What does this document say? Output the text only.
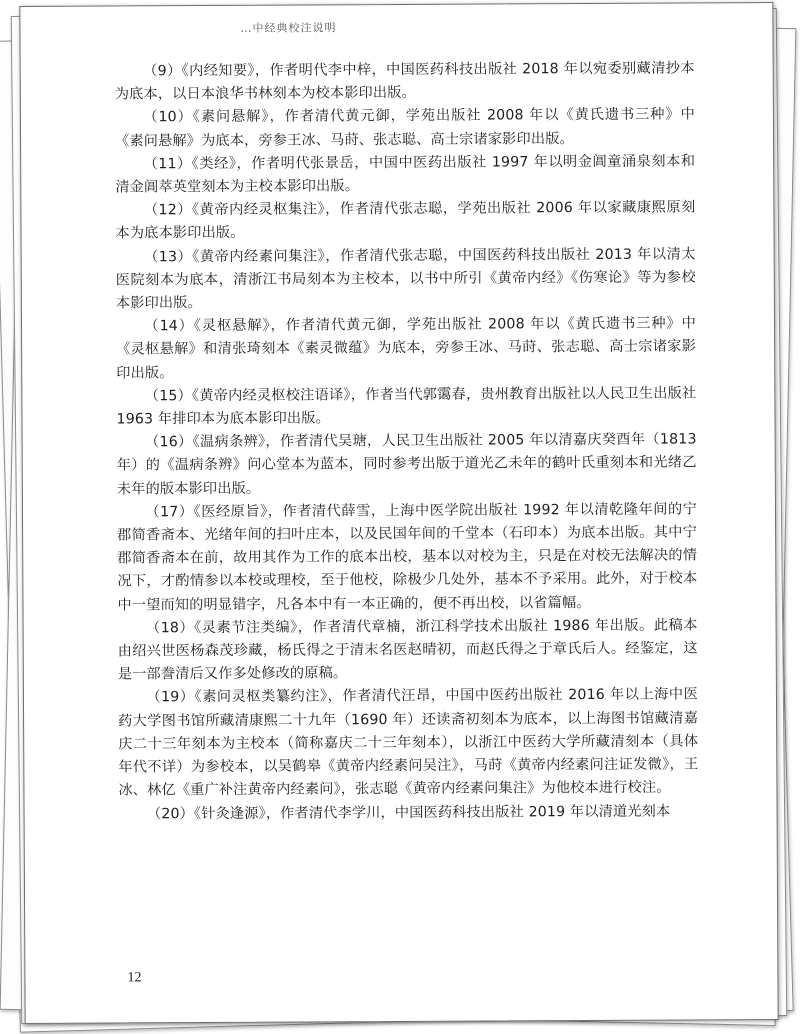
…中经典校注说明

（9）《内经知要》，作者明代李中梓，中国医药科技出版社 2018 年以宛委别藏清抄本为底本，以日本浪华书林刻本为校本影印出版。

（10）《素问悬解》，作者清代黄元御，学苑出版社 2008 年以《黄氏遗书三种》中《素问悬解》为底本，旁参王冰、马莳、张志聪、高士宗诸家影印出版。

（11）《类经》，作者明代张景岳，中国中医药出版社 1997 年以明金阊童涌泉刻本和清金阊萃英堂刻本为主校本影印出版。

（12）《黄帝内经灵枢集注》，作者清代张志聪，学苑出版社 2006 年以家藏康熙原刻本为底本影印出版。

（13）《黄帝内经素问集注》，作者清代张志聪，中国医药科技出版社 2013 年以清太医院刻本为底本，清浙江书局刻本为主校本，以书中所引《黄帝内经》《伤寒论》等为参校本影印出版。

（14）《灵枢悬解》，作者清代黄元御，学苑出版社 2008 年以《黄氏遗书三种》中《灵枢悬解》和清张琦刻本《素灵微蕴》为底本，旁参王冰、马莳、张志聪、高士宗诸家影印出版。

（15）《黄帝内经灵枢校注语译》，作者当代郭霭春，贵州教育出版社以人民卫生出版社 1963 年排印本为底本影印出版。

（16）《温病条辨》，作者清代吴瑭，人民卫生出版社 2005 年以清嘉庆癸酉年（1813 年）的《温病条辨》问心堂本为蓝本，同时参考出版于道光乙未年的鹤叶氏重刻本和光绪乙未年的版本影印出版。

（17）《医经原旨》，作者清代薛雪，上海中医学院出版社 1992 年以清乾隆年间的宁郡简香斋本、光绪年间的扫叶庄本，以及民国年间的千堂本（石印本）为底本出版。其中宁郡简香斋本在前，故用其作为工作的底本出校，基本以对校为主，只是在对校无法解决的情况下，才酌情参以本校或理校，至于他校，除极少几处外，基本不予采用。此外，对于校本中一望而知的明显错字，凡各本中有一本正确的，便不再出校，以省篇幅。

（18）《灵素节注类编》，作者清代章楠，浙江科学技术出版社 1986 年出版。此稿本由绍兴世医杨森茂珍藏，杨氏得之于清末名医赵晴初，而赵氏得之于章氏后人。经鉴定，这是一部誊清后又作多处修改的原稿。

（19）《素问灵枢类纂约注》，作者清代汪昂，中国中医药出版社 2016 年以上海中医药大学图书馆所藏清康熙二十九年（1690 年）还读斋初刻本为底本，以上海图书馆藏清嘉庆二十三年刻本为主校本（简称嘉庆二十三年刻本），以浙江中医药大学所藏清刻本（具体年代不详）为参校本，以吴鹤皋《黄帝内经素问吴注》，马莳《黄帝内经素问注证发微》，王冰、林亿《重广补注黄帝内经素问》，张志聪《黄帝内经素问集注》为他校本进行校注。

（20）《针灸逢源》，作者清代李学川，中国医药科技出版社 2019 年以清道光刻本

12
